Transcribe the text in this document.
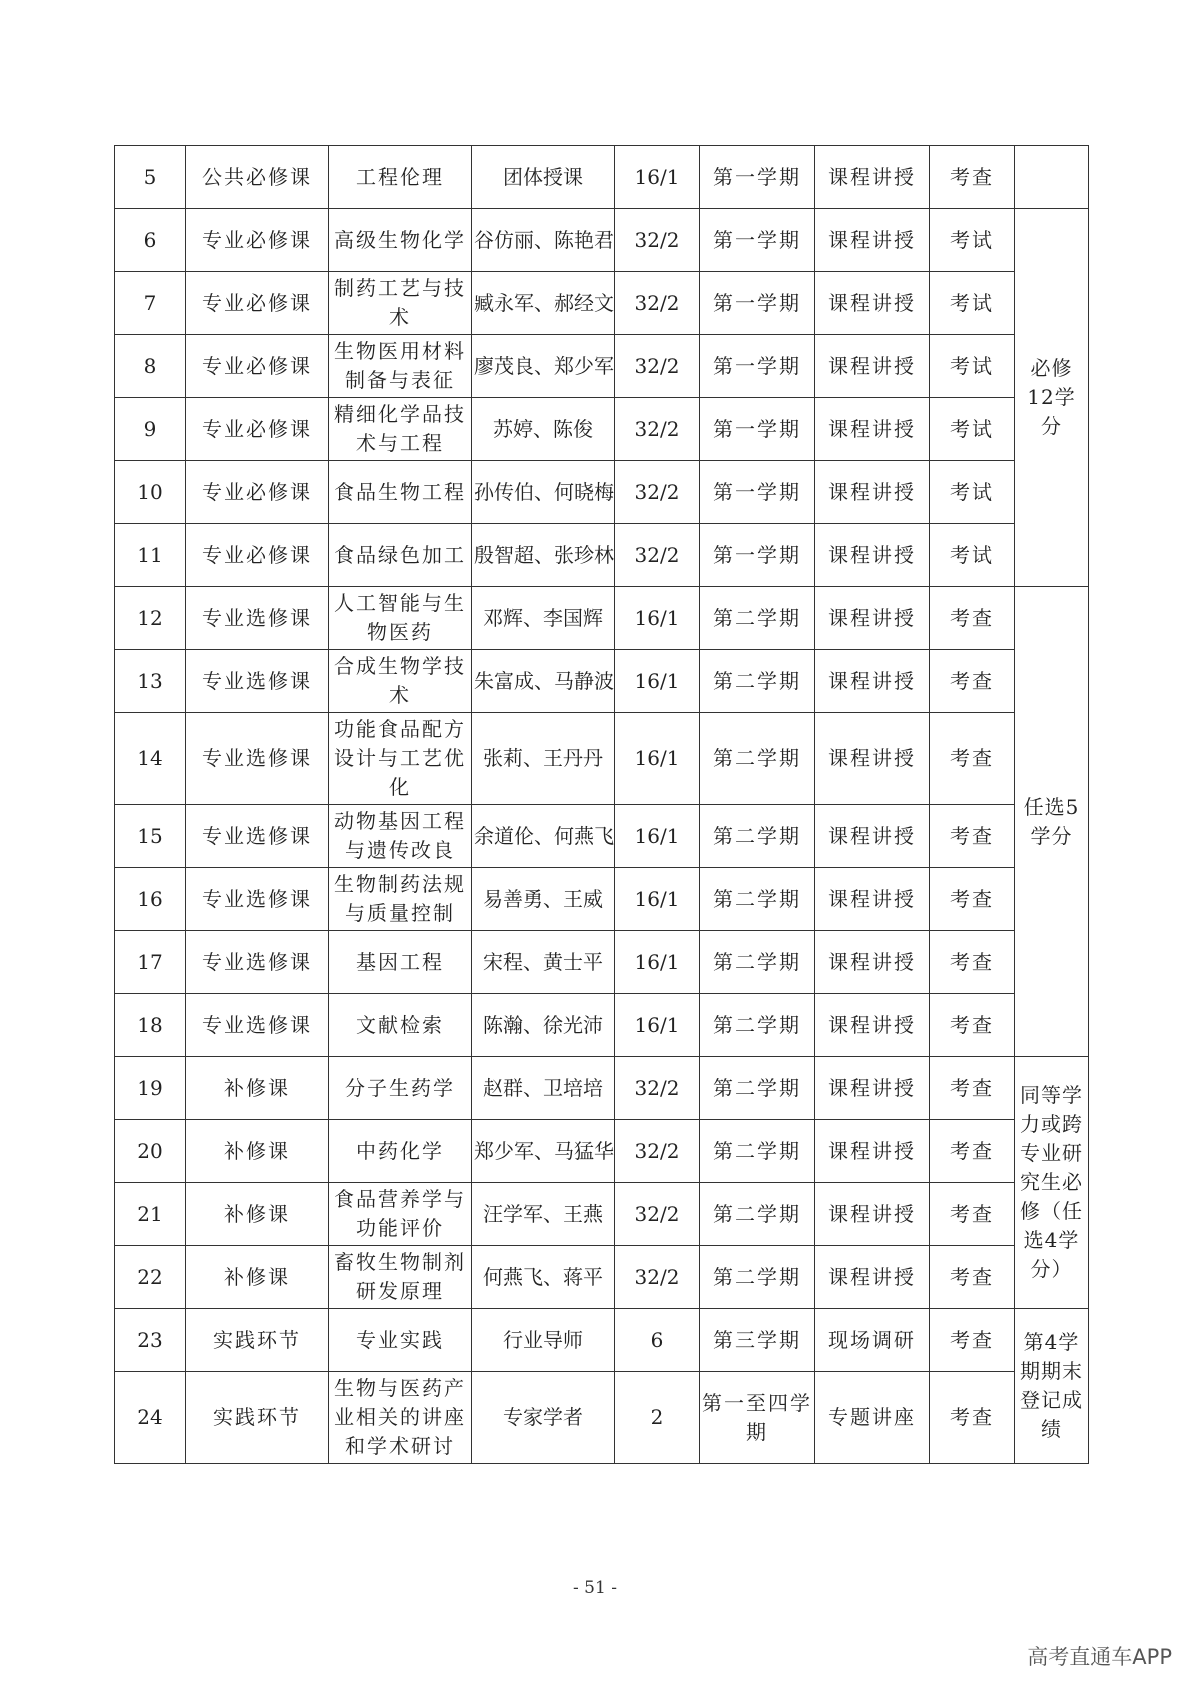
5	公共必修课	工程伦理	团体授课	16/1	第一学期	课程讲授	考查	
6	专业必修课	高级生物化学	谷仿丽、陈艳君	32/2	第一学期	课程讲授	考试	必修12学分
7	专业必修课	制药工艺与技术	臧永军、郝经文	32/2	第一学期	课程讲授	考试	
8	专业必修课	生物医用材料制备与表征	廖茂良、郑少军	32/2	第一学期	课程讲授	考试	
9	专业必修课	精细化学品技术与工程	苏婷、陈俊	32/2	第一学期	课程讲授	考试	
10	专业必修课	食品生物工程	孙传伯、何晓梅	32/2	第一学期	课程讲授	考试	
11	专业必修课	食品绿色加工	殷智超、张珍林	32/2	第一学期	课程讲授	考试	
12	专业选修课	人工智能与生物医药	邓辉、李国辉	16/1	第二学期	课程讲授	考查	任选5学分
13	专业选修课	合成生物学技术	朱富成、马静波	16/1	第二学期	课程讲授	考查	
14	专业选修课	功能食品配方设计与工艺优化	张莉、王丹丹	16/1	第二学期	课程讲授	考查	
15	专业选修课	动物基因工程与遗传改良	余道伦、何燕飞	16/1	第二学期	课程讲授	考查	
16	专业选修课	生物制药法规与质量控制	易善勇、王威	16/1	第二学期	课程讲授	考查	
17	专业选修课	基因工程	宋程、黄士平	16/1	第二学期	课程讲授	考查	
18	专业选修课	文献检索	陈瀚、徐光沛	16/1	第二学期	课程讲授	考查	
19	补修课	分子生药学	赵群、卫培培	32/2	第二学期	课程讲授	考查	同等学力或跨专业研究生必修（任选4学分）
20	补修课	中药化学	郑少军、马猛华	32/2	第二学期	课程讲授	考查	
21	补修课	食品营养学与功能评价	汪学军、王燕	32/2	第二学期	课程讲授	考查	
22	补修课	畜牧生物制剂研发原理	何燕飞、蒋平	32/2	第二学期	课程讲授	考查	
23	实践环节	专业实践	行业导师	6	第三学期	现场调研	考查	第4学期期末登记成绩
24	实践环节	生物与医药产业相关的讲座和学术研讨	专家学者	2	第一至四学期	专题讲座	考查	
- 51 -
高考直通车APP
